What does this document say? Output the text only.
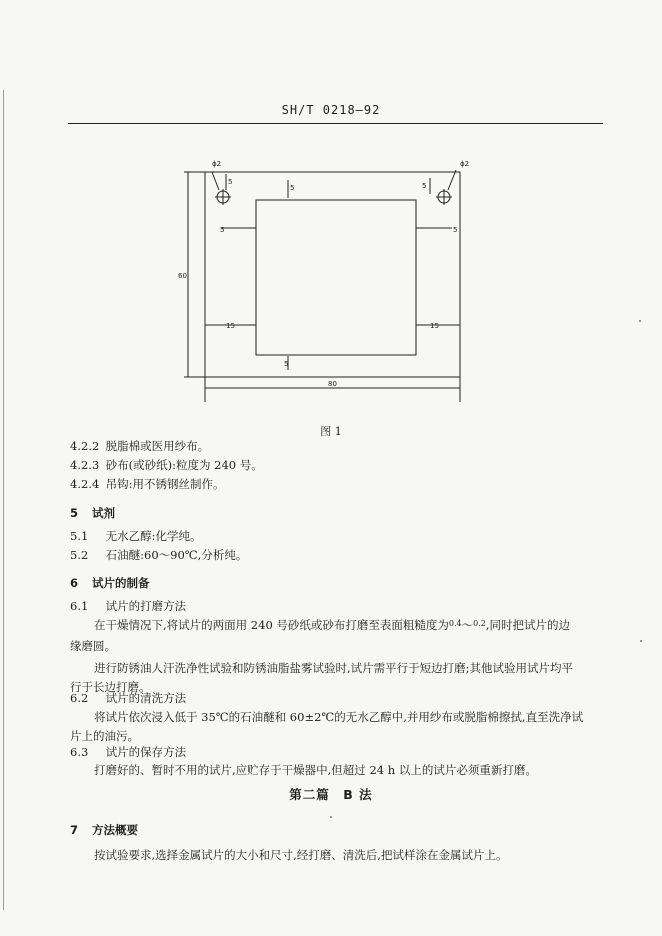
SH/T 0218—92
ϕ2	ϕ2
5
5	5
5	5
15	15
60
5
80
图 1
4.2.2 脱脂棉或医用纱布。
4.2.3 砂布(或砂纸):粒度为 240 号。
4.2.4 吊钩:用不锈钢丝制作。
5 试剂
5.1 无水乙醇:化学纯。
5.2 石油醚:60～90℃,分析纯。
6 试片的制备
6.1 试片的打磨方法
在干燥情况下,将试片的两面用 240 号砂纸或砂布打磨至表面粗糙度为$^{0.4}$～$^{0.2}$,同时把试片的边
缘磨圆。
进行防锈油人汗洗净性试验和防锈油脂盐雾试验时,试片需平行于短边打磨;其他试验用试片均平
行于长边打磨。
6.2 试片的清洗方法
将试片依次浸入低于 35℃的石油醚和 60±2℃的无水乙醇中,并用纱布或脱脂棉擦拭,直至洗净试
片上的油污。
6.3 试片的保存方法
打磨好的、暂时不用的试片,应贮存于干燥器中,但超过 24 h 以上的试片必须重新打磨。
第二篇　B 法
7 方法概要
按试验要求,选择金属试片的大小和尺寸,经打磨、清洗后,把试样涂在金属试片上。
